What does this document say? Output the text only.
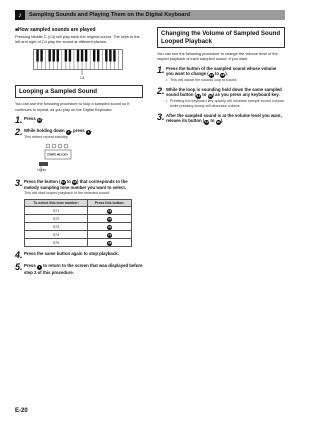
♪ Sampling Sounds and Playing Them on the Digital Keyboard
■How sampled sounds are played
Pressing Middle C (C4) will play back the original sound. The keys to the left and right of C4 play the sound at different pitches.
C4
Looping a Sampled Sound
You can use the following procedure to loop a sampled sound so it continues to repeat, as you play on the Digital Keyboard.
1. Press 10.
2. While holding down 4 , press 1 .
This enters repeat standby.
TEMPO MELODY
Lights
3. Press the button (14 to 18) that corresponds to the melody sampling tone number you want to select.
This will start looped playback of the selected sound.
To select this tone number:	Press this button:
571	14
572	15
573	16
574	17
575	18
4. Press the same button again to stop playback.
5. Press 4 to return to the screen that was displayed before step 2 of this procedure.
Changing the Volume of Sampled Sound Looped Playback
You can use the following procedure to change the volume level of the looped playback of each sampled sound, if you want.
1. Press the button of the sampled sound whose volume you want to change (14 to 18).
• This will cause the sounds loop to sound.
2. While the loop is sounding hold down the same sampled sound button (14 to 18) as you press any keyboard key.
• Pressing the keyboard key quickly will increase sample sound volume, while pressing slowly will decrease volume.
3. After the sampled sound is at the volume level you want, release its button (14 to 18).
E-20
